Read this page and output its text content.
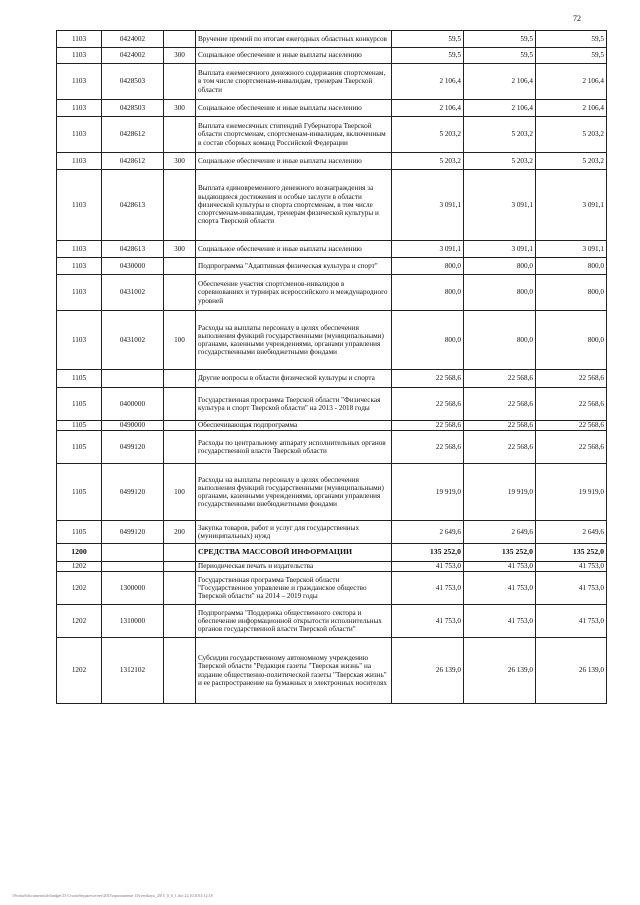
72
1103	0424002		Вручение премий по итогам ежегодных областных конкурсов	59,5	59,5	59,5
1103	0424002	300	Социальное обеспечение и иные выплаты населению	59,5	59,5	59,5
1103	0428503		Выплата ежемесячного денежного содержания спортсменам, в том числе спортсменам-инвалидам, тренерам Тверской области	2 106,4	2 106,4	2 106,4
1103	0428503	300	Социальное обеспечение и иные выплаты населению	2 106,4	2 106,4	2 106,4
1103	0428612		Выплата ежемесячных стипендий Губернатора Тверской области спортсменам, спортсменам-инвалидам, включенным в состав сборных команд Российской Федерации	5 203,2	5 203,2	5 203,2
1103	0428612	300	Социальное обеспечение и иные выплаты населению	5 203,2	5 203,2	5 203,2
1103	0428613		Выплата единовременного денежного вознаграждения за выдающиеся достижения и особые заслуги в области физической культуры и спорта спортсменам, в том числе спортсменам-инвалидам, тренерам физической культуры и спорта Тверской области	3 091,1	3 091,1	3 091,1
1103	0428613	300	Социальное обеспечение и иные выплаты населению	3 091,1	3 091,1	3 091,1
1103	0430000		Подпрограмма "Адаптивная физическая культура и спорт"	800,0	800,0	800,0
1103	0431002		Обеспечение участия спортсменов-инвалидов в соревнованиях и турнирах всероссийского и международного уровней	800,0	800,0	800,0
1103	0431002	100	Расходы на выплаты персоналу в целях обеспечения выполнения функций государственными (муниципальными) органами, казенными учреждениями, органами управления государственными внебюджетными фондами	800,0	800,0	800,0
1105			Другие вопросы в области физической культуры и спорта	22 568,6	22 568,6	22 568,6
1105	0400000		Государственная программа Тверской области "Физическая культура и спорт Тверской области" на 2013 - 2018 годы	22 568,6	22 568,6	22 568,6
1105	0490000		Обеспечивающая подпрограмма	22 568,6	22 568,6	22 568,6
1105	0499120		Расходы по центральному аппарату исполнительных органов государственной власти Тверской области	22 568,6	22 568,6	22 568,6
1105	0499120	100	Расходы на выплаты персоналу в целях обеспечения выполнения функций государственными (муниципальными) органами, казенными учреждениями, органами управления государственными внебюджетными фондами	19 919,0	19 919,0	19 919,0
1105	0499120	200	Закупка товаров, работ и услуг для государственных (муниципальных) нужд	2 649,6	2 649,6	2 649,6
1200			СРЕДСТВА МАССОВОЙ ИНФОРМАЦИИ	135 252,0	135 252,0	135 252,0
1202			Периодическая печать и издательства	41 753,0	41 753,0	41 753,0
1202	1300000		Государственная программа Тверской области "Государственное управление и гражданское общество Тверской области" на 2014 – 2019 годы	41 753,0	41 753,0	41 753,0
1202	1310000		Подпрограмма "Поддержка общественного сектора и обеспечение информационной открытости исполнительных органов государственной власти Тверской области"	41 753,0	41 753,0	41 753,0
1202	1312102		Субсидии государственному автономному учреждению Тверской области "Редакция газеты "Тверская жизнь" на издание общественно-политической газеты "Тверская жизнь" и ее распространение на бумажных и электронных носителях	26 139,0	26 139,0	26 139,0
\\Profuel\documents\zb\budget\15 Стали\бюджет\отчет\2015\приложение 13\tverskaya_2015_0_6_1.doc 22.10.2014 12:18
